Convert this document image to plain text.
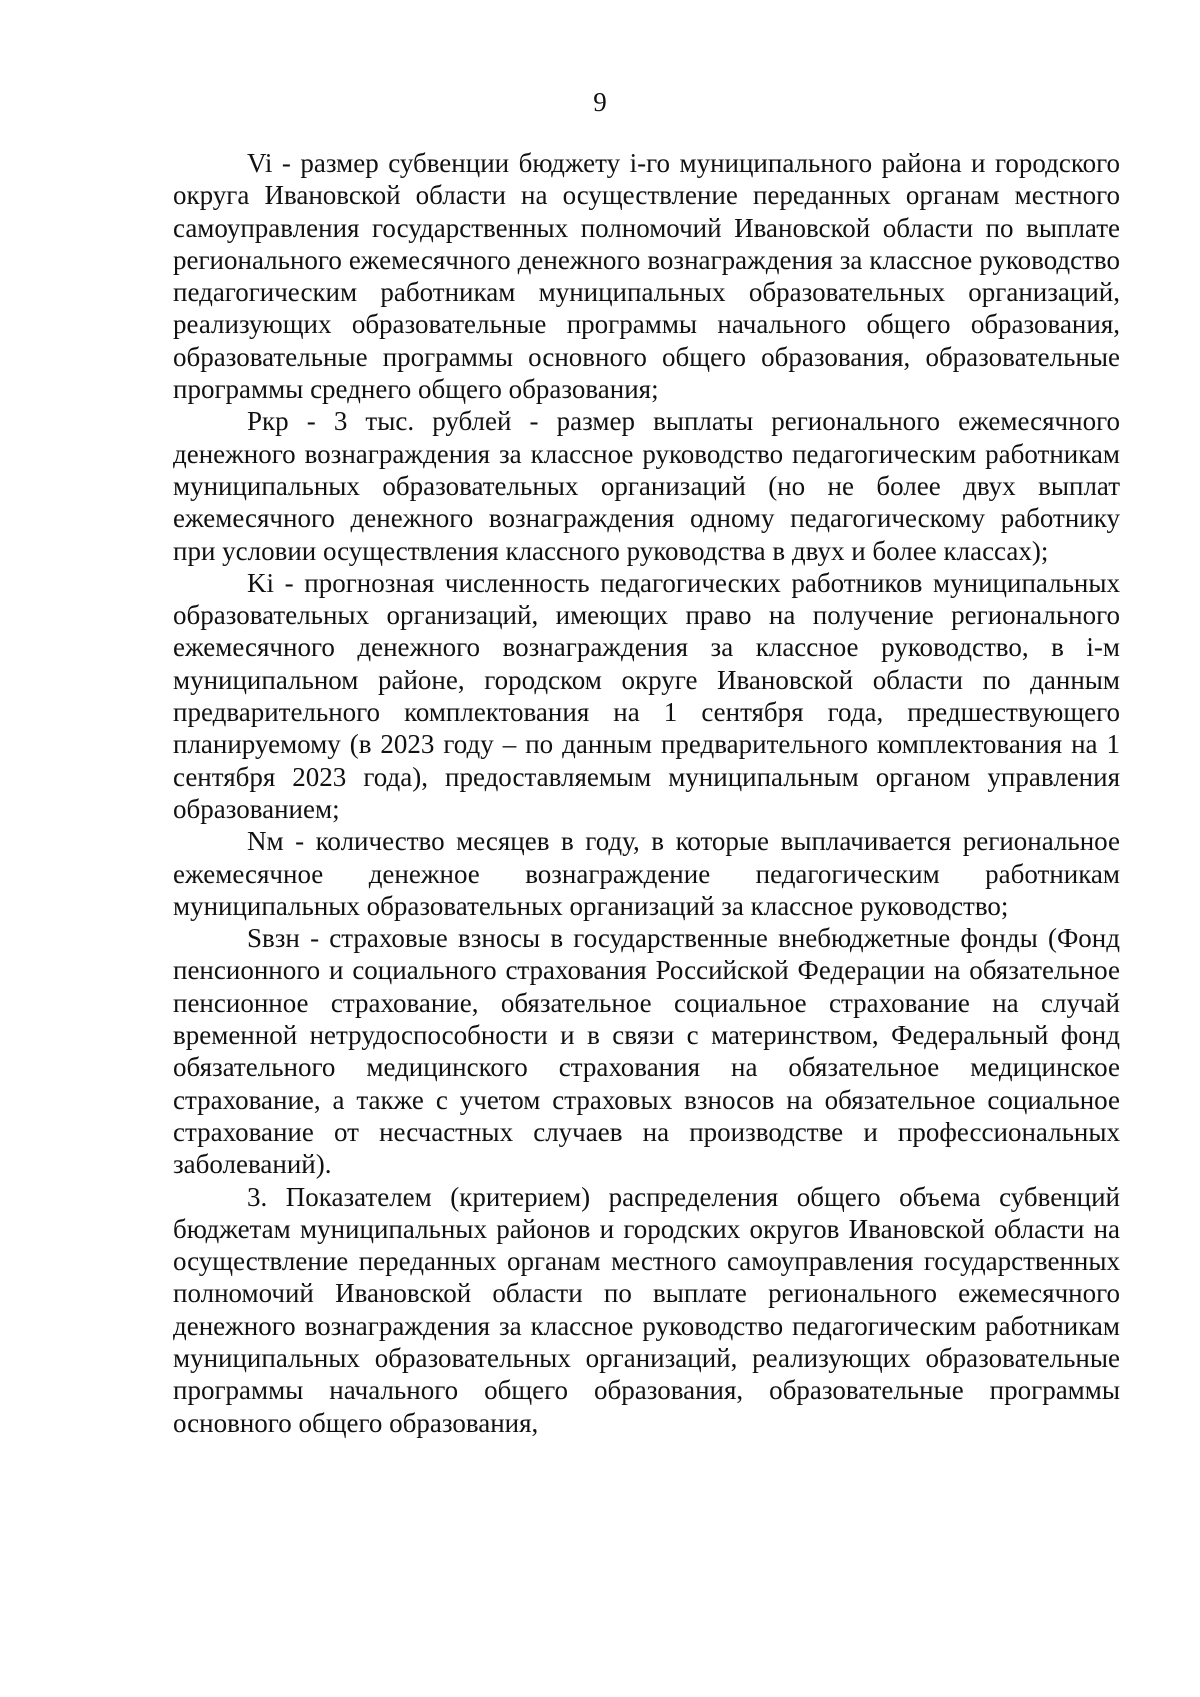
9

Vi - размер субвенции бюджету i-го муниципального района и городского округа Ивановской области на осуществление переданных органам местного самоуправления государственных полномочий Ивановской области по выплате регионального ежемесячного денежного вознаграждения за классное руководство педагогическим работникам муниципальных образовательных организаций, реализующих образовательные программы начального общего образования, образовательные программы основного общего образования, образовательные программы среднего общего образования;

Ркр - 3 тыс. рублей - размер выплаты регионального ежемесячного денежного вознаграждения за классное руководство педагогическим работникам муниципальных образовательных организаций (но не более двух выплат ежемесячного денежного вознаграждения одному педагогическому работнику при условии осуществления классного руководства в двух и более классах);

Ki - прогнозная численность педагогических работников муниципальных образовательных организаций, имеющих право на получение регионального ежемесячного денежного вознаграждения за классное руководство, в i-м муниципальном районе, городском округе Ивановской области по данным предварительного комплектования на 1 сентября года, предшествующего планируемому (в 2023 году – по данным предварительного комплектования на 1 сентября 2023 года), предоставляемым муниципальным органом управления образованием;

Nм - количество месяцев в году, в которые выплачивается региональное ежемесячное денежное вознаграждение педагогическим работникам муниципальных образовательных организаций за классное руководство;

Sвзн - страховые взносы в государственные внебюджетные фонды (Фонд пенсионного и социального страхования Российской Федерации на обязательное пенсионное страхование, обязательное социальное страхование на случай временной нетрудоспособности и в связи с материнством, Федеральный фонд обязательного медицинского страхования на обязательное медицинское страхование, а также с учетом страховых взносов на обязательное социальное страхование от несчастных случаев на производстве и профессиональных заболеваний).

3. Показателем (критерием) распределения общего объема субвенций бюджетам муниципальных районов и городских округов Ивановской области на осуществление переданных органам местного самоуправления государственных полномочий Ивановской области по выплате регионального ежемесячного денежного вознаграждения за классное руководство педагогическим работникам муниципальных образовательных организаций, реализующих образовательные программы начального общего образования, образовательные программы основного общего образования,
